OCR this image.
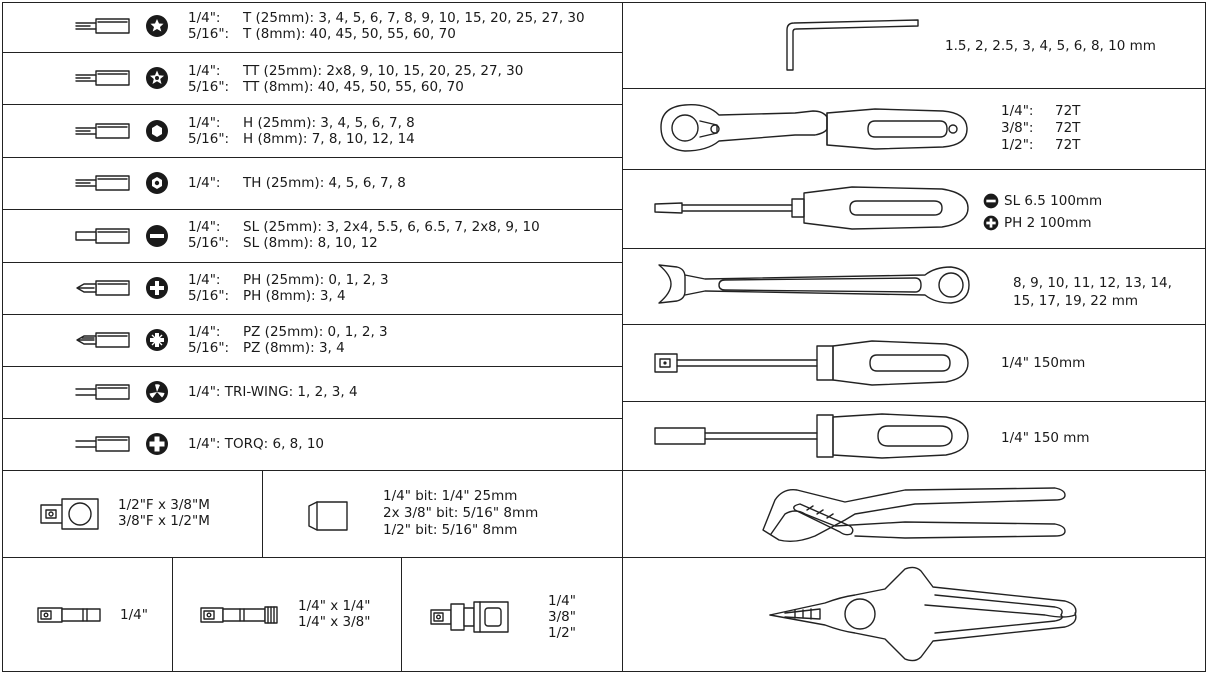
1/4": T (25mm): 3, 4, 5, 6, 7, 8, 9, 10, 15, 20, 25, 27, 30
5/16": T (8mm): 40, 45, 50, 55, 60, 70
1/4": TT (25mm): 2x8, 9, 10, 15, 20, 25, 27, 30
5/16": TT (8mm): 40, 45, 50, 55, 60, 70
1/4": H (25mm): 3, 4, 5, 6, 7, 8
5/16": H (8mm): 7, 8, 10, 12, 14
1/4": TH (25mm): 4, 5, 6, 7, 8
1/4": SL (25mm): 3, 2x4, 5.5, 6, 6.5, 7, 2x8, 9, 10
5/16": SL (8mm): 8, 10, 12
1/4": PH (25mm): 0, 1, 2, 3
5/16": PH (8mm): 3, 4
1/4": PZ (25mm): 0, 1, 2, 3
5/16": PZ (8mm): 3, 4
1/4": TRI-WING: 1, 2, 3, 4
1/4": TORQ: 6, 8, 10
1/2"F x 3/8"M
3/8"F x 1/2"M
1/4" bit: 1/4" 25mm
2x 3/8" bit: 5/16" 8mm
1/2" bit: 5/16" 8mm
1/4"
1/4" x 1/4"
1/4" x 3/8"
1/4"
3/8"
1/2"
1.5, 2, 2.5, 3, 4, 5, 6, 8, 10 mm
1/4": 72T
3/8": 72T
1/2": 72T
SL 6.5 100mm
PH 2 100mm
8, 9, 10, 11, 12, 13, 14,
15, 17, 19, 22 mm
1/4" 150mm
1/4" 150 mm
